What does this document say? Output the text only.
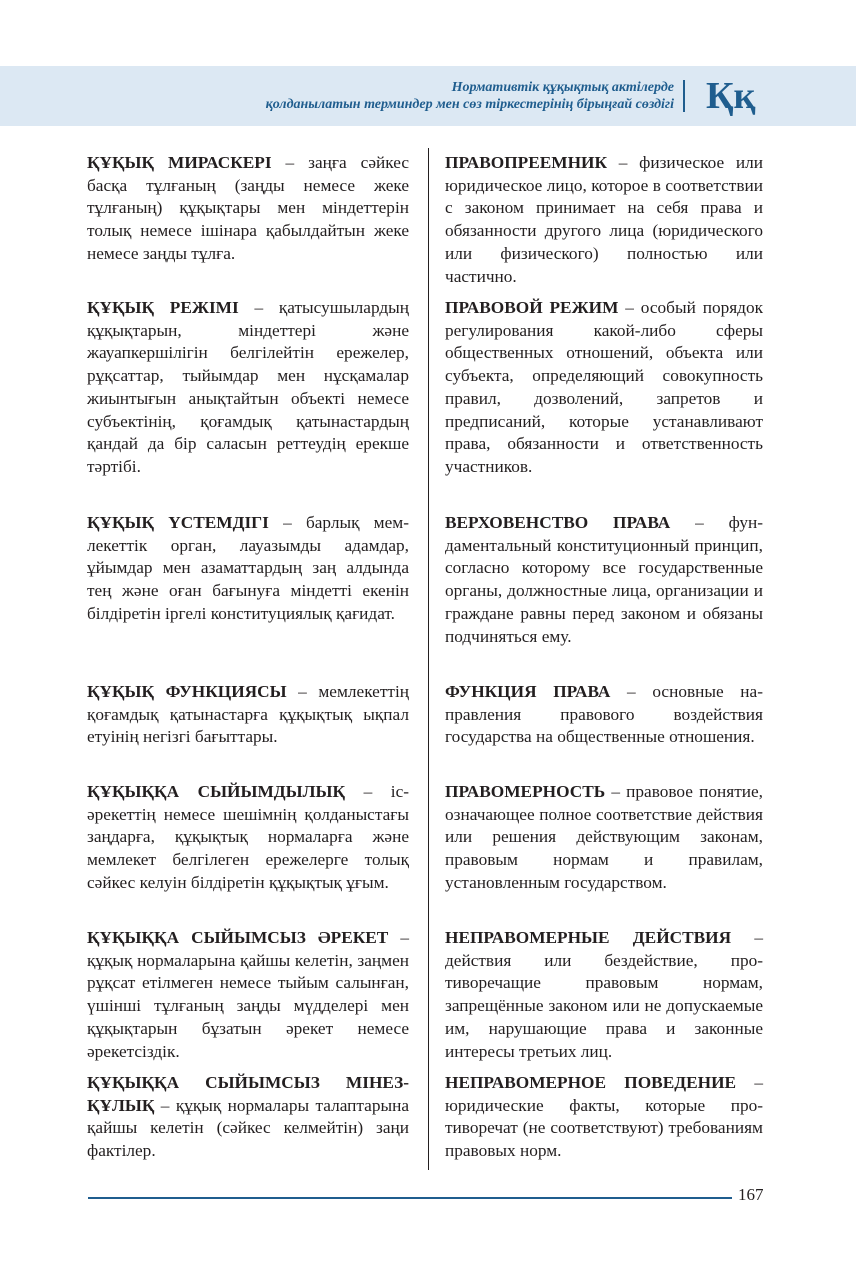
Нормативтік құқықтық актілерде
қолданылатын терминдер мен сөз тіркестерінің бірыңғай сөздігі Ққ
ҚҰҚЫҚ МИРАСКЕРІ – заңға сәйкес басқа тұлғаның (заңды немесе жеке тұлғаның) құқықтары мен міндеттерін толық немесе ішінара қабылдайтын жеке немесе заңды тұлға.
ҚҰҚЫҚ РЕЖІМІ – қатысушылардың құқықтарын, міндеттері және жауапкершілігін белгілейтін ережелер, рұқсаттар, тыйымдар мен нұсқамалар жиынтығын анықтайтын объекті немесе субъектінің, қоғамдық қатынастардың қандай да бір саласын реттеудің ерекше тәртібі.
ҚҰҚЫҚ ҮСТЕМДІГІ – барлық мемлекеттік орган, лауазымды адамдар, ұйымдар мен азаматтардың заң алдында тең және оған бағынуға міндетті екенін білдіретін іргелі конституциялық қағидат.
ҚҰҚЫҚ ФУНКЦИЯСЫ – мемлекеттің қоғамдық қатынастарға құқықтық ықпал етуінің негізгі бағыттары.
ҚҰҚЫҚҚА СЫЙЫМДЫЛЫҚ – іс-әрекеттің немесе шешімнің қолданыстағы заңдарға, құқықтық нормаларға және мемлекет белгілеген ережелерге толық сәйкес келуін білдіретін құқықтық ұғым.
ҚҰҚЫҚҚА СЫЙЫМСЫЗ ӘРЕКЕТ – құқық нормаларына қайшы келетін, заңмен рұқсат етілмеген немесе тыйым салынған, үшінші тұлғаның заңды мүдделері мен құқықтарын бұзатын әрекет немесе әрекетсіздік.
ҚҰҚЫҚҚА СЫЙЫМСЫЗ МІНЕЗ-ҚҰЛЫҚ – құқық нормалары талаптарына қайшы келетін (сәйкес келмейтін) заңи фактілер.
ПРАВОПРЕЕМНИК – физическое или юридическое лицо, которое в соответствии с законом принимает на себя права и обязанности другого лица (юридического или физического) полностью или частично.
ПРАВОВОЙ РЕЖИМ – особый порядок регулирования какой-либо сферы общественных отношений, объекта или субъекта, определяющий совокупность правил, дозволений, запретов и предписаний, которые устанавливают права, обязанности и ответственность участников.
ВЕРХОВЕНСТВО ПРАВА – фундаментальный конституционный принцип, согласно которому все государственные органы, должностные лица, организации и граждане равны перед законом и обязаны подчиняться ему.
ФУНКЦИЯ ПРАВА – основные направления правового воздействия государства на общественные отношения.
ПРАВОМЕРНОСТЬ – правовое понятие, означающее полное соответствие действия или решения действующим законам, правовым нормам и правилам, установленным государством.
НЕПРАВОМЕРНЫЕ ДЕЙСТВИЯ – действия или бездействие, противоречащие правовым нормам, запрещённые законом или не допускаемые им, нарушающие права и законные интересы третьих лиц.
НЕПРАВОМЕРНОЕ ПОВЕДЕНИЕ – юридические факты, которые противоречат (не соответствуют) требованиям правовых норм.
167
